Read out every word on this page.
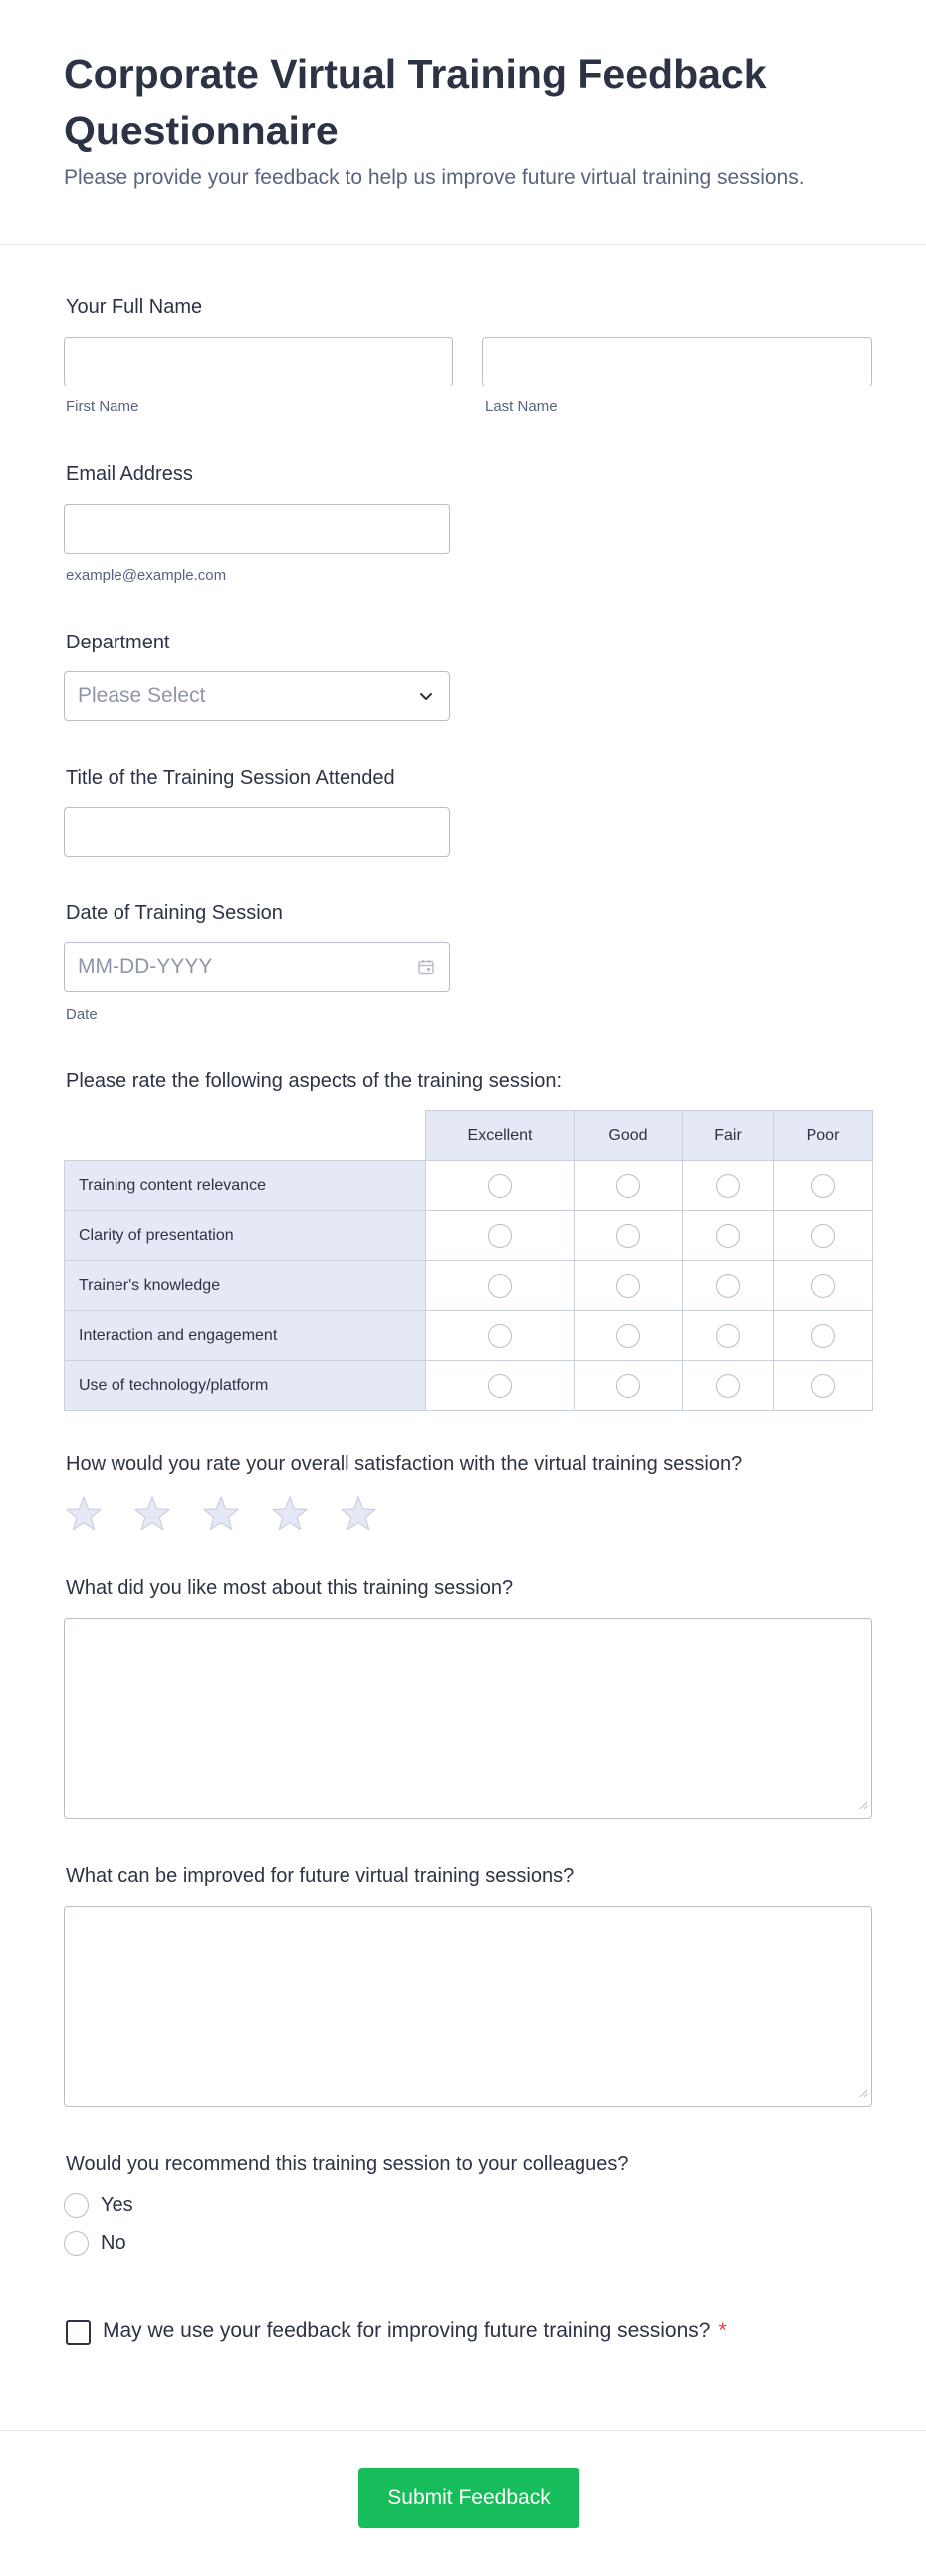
Corporate Virtual Training Feedback Questionnaire
Please provide your feedback to help us improve future virtual training sessions.
Your Full Name
First Name	Last Name
Email Address
example@example.com
Department
Please Select
Title of the Training Session Attended
Date of Training Session
MM-DD-YYYY
Date
Please rate the following aspects of the training session:
	Excellent	Good	Fair	Poor
Training content relevance				
Clarity of presentation				
Trainer's knowledge				
Interaction and engagement				
Use of technology/platform				
How would you rate your overall satisfaction with the virtual training session?
What did you like most about this training session?
What can be improved for future virtual training sessions?
Would you recommend this training session to your colleagues?
Yes
No
May we use your feedback for improving future training sessions? *
Submit Feedback
